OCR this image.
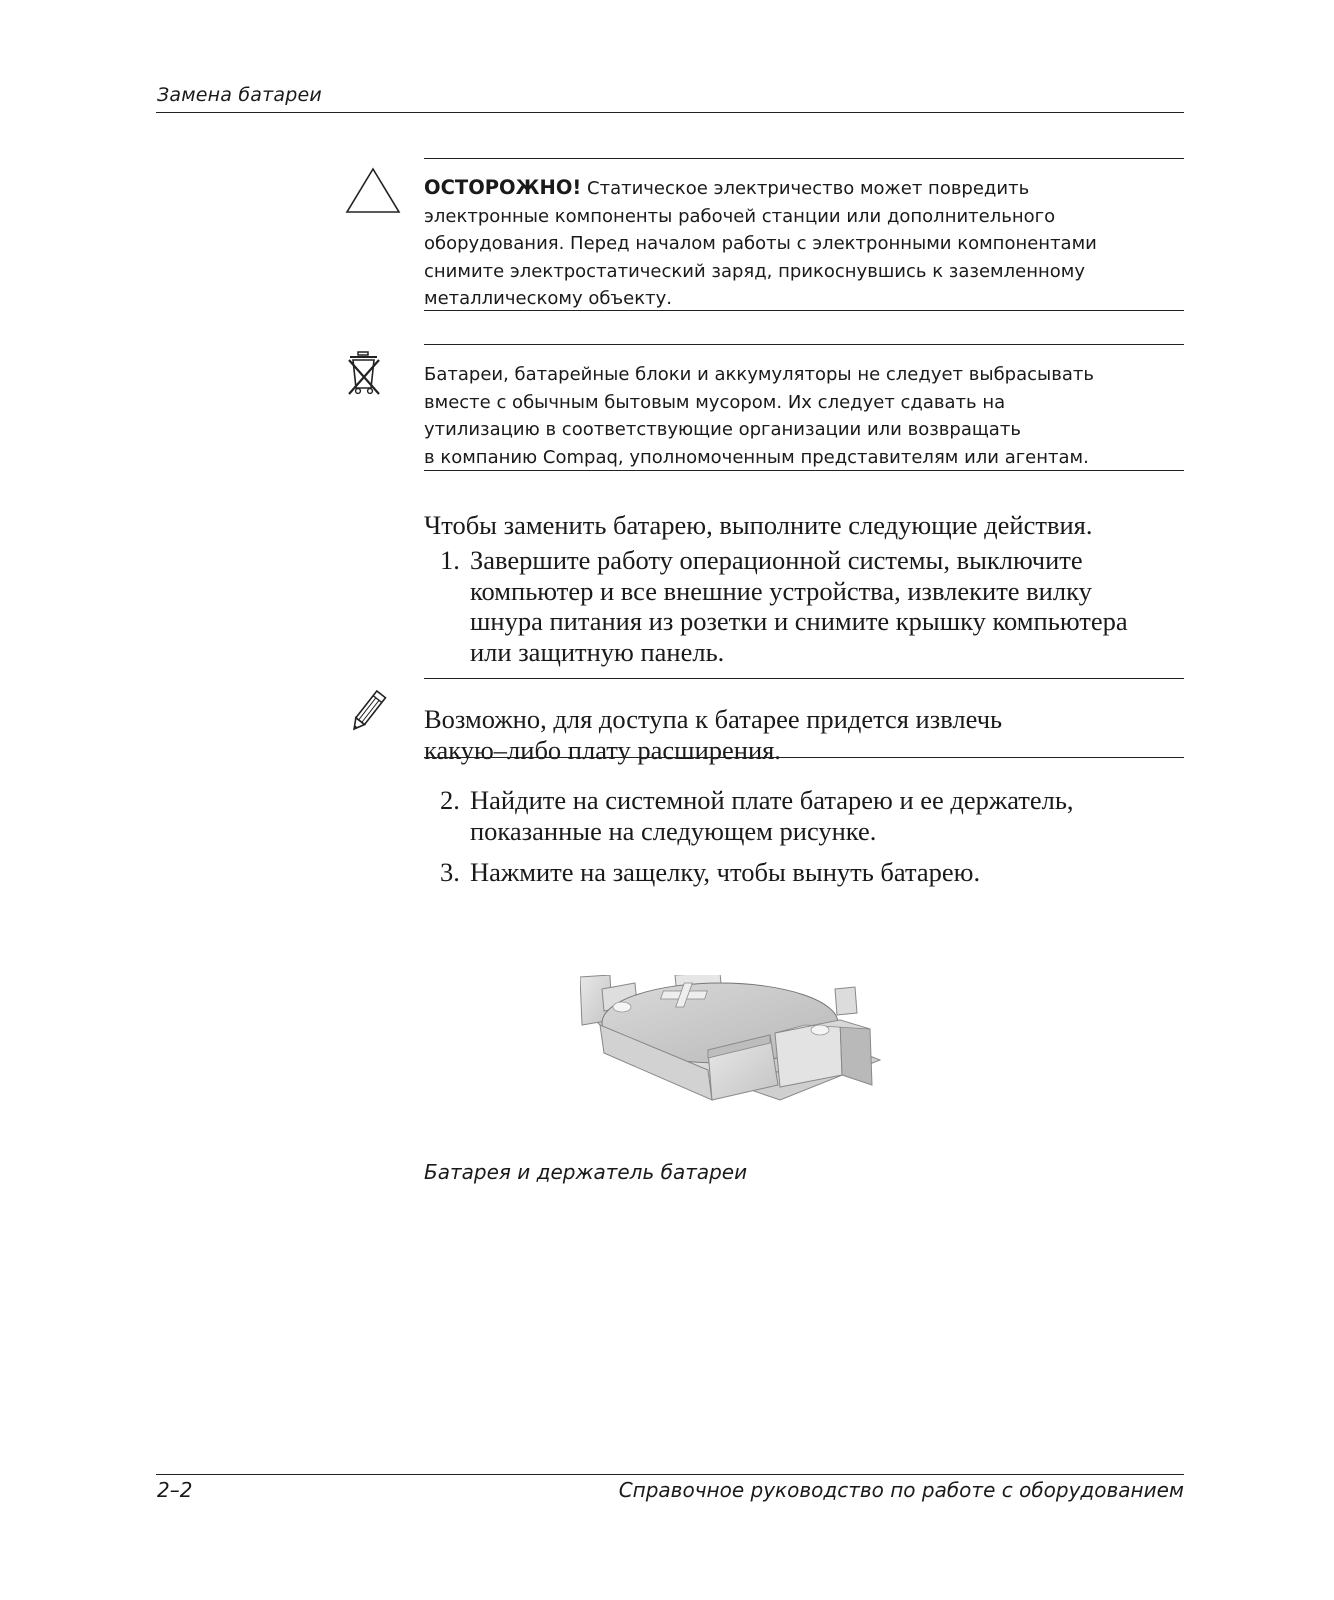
Замена батареи

ОСТОРОЖНО! Статическое электричество может повредить

электронные компоненты рабочей станции или дополнительного
оборудования. Перед началом работы с электронными компонентами
снимите электростатический заряд, прикоснувшись к заземленному
металлическому объекту.
Батареи, батарейные блоки и аккумуляторы не следует выбрасывать
вместе с обычным бытовым мусором. Их следует сдавать на
утилизацию в соответствующие организации или возвращать
в компанию Compaq, уполномоченным представителям или агентам.
Чтобы заменить батарею, выполните следующие действия.
1. Завершите работу операционной системы, выключите
компьютер и все внешние устройства, извлеките вилку
шнура питания из розетки и снимите крышку компьютера
или защитную панель.
Возможно, для доступа к батарее придется извлечь
какую–либо плату расширения.
2. Найдите на системной плате батарею и ее держатель,
показанные на следующем рисунке.
3. Нажмите на защелку, чтобы вынуть батарею.
Батарея и держатель батареи
2–2	Справочное руководство по работе с оборудованием
